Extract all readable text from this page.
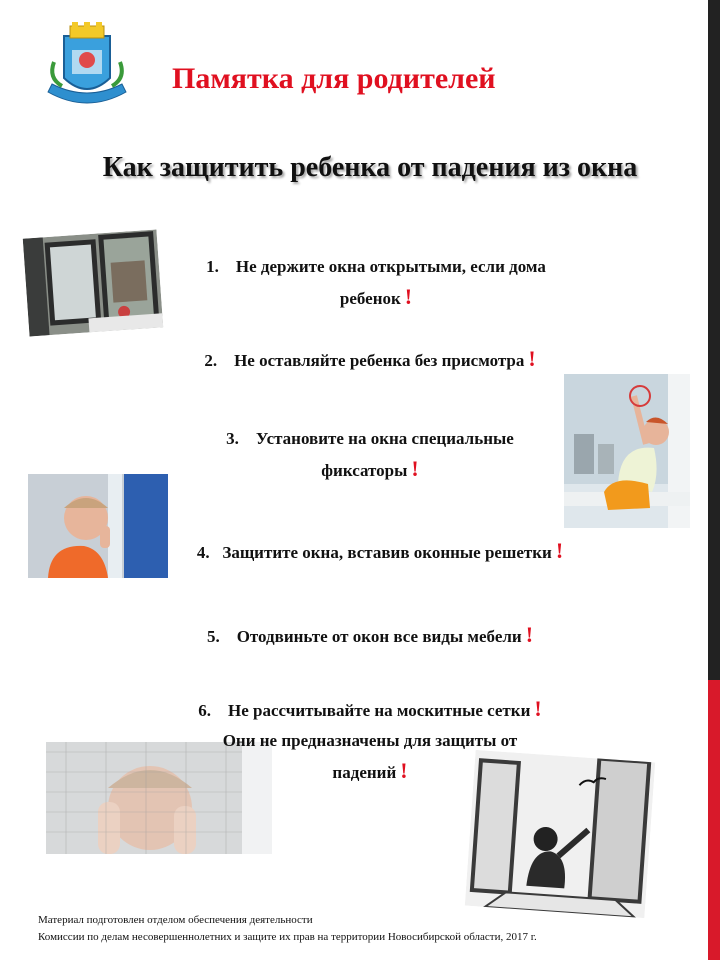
Памятка для родителей
Как защитить ребенка от падения из окна
1. Не держите окна открытыми, если дома
ребенок !
2. Не оставляйте ребенка без присмотра !
3. Установите на окна специальные
фиксаторы !
4. Защитите окна, вставив оконные решетки !
5. Отодвиньте от окон все виды мебели !
6. Не рассчитывайте на москитные сетки !
Они не предназначены для защиты от
падений !
Материал подготовлен отделом обеспечения деятельности
Комиссии по делам несовершеннолетних и защите их прав на территории Новосибирской области, 2017 г.
